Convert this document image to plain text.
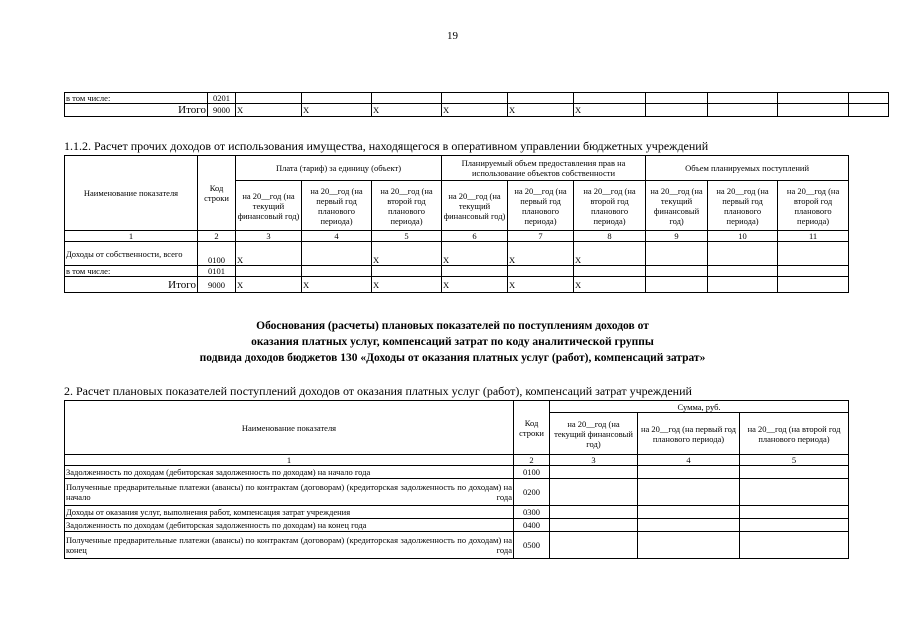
19
в том числе:	0201										
Итого	9000	X	X	X	X	X	X				
1.1.2. Расчет прочих доходов от использования имущества, находящегося в оперативном управлении бюджетных учреждений
Наименование показателя	Код строки	Плата (тариф) за единицу (объект)			Планируемый объем предоставления прав на использование объектов собственности			Объем планируемых поступлений		
		на 20__год (на текущий финансовый год)	на 20__год (на первый год планового периода)	на 20__год (на второй год планового периода)	на 20__год (на текущий финансовый год)	на 20__год (на первый год планового периода)	на 20__год (на второй год планового периода)	на 20__год (на текущий финансовый год)	на 20__год (на первый год планового периода)	на 20__год (на второй год планового периода)
1	2	3	4	5	6	7	8	9	10	11
Доходы от собственности, всего	0100	X		X	X	X	X			
в том числе:	0101									
Итого	9000	X	X	X	X	X	X			
Обоснования (расчеты) плановых показателей по поступлениям доходов от
оказания платных услуг, компенсаций затрат по коду аналитической группы
подвида доходов бюджетов 130 «Доходы от оказания платных услуг (работ), компенсаций затрат»
2. Расчет плановых показателей поступлений доходов от оказания платных услуг (работ), компенсаций затрат учреждений
Наименование показателя	Код строки	Сумма, руб.		
		на 20__год (на текущий финансовый год)	на 20__год (на первый год планового периода)	на 20__год (на второй год планового периода)
1	2	3	4	5
Задолженность по доходам (дебиторская задолженность по доходам) на начало года	0100			
Полученные предварительные платежи (авансы) по контрактам (договорам) (кредиторская задолженность по доходам) на начало года	0200			
Доходы от оказания услуг, выполнения работ, компенсация затрат учреждения	0300			
Задолженность по доходам (дебиторская задолженность по доходам) на конец года	0400			
Полученные предварительные платежи (авансы) по контрактам (договорам) (кредиторская задолженность по доходам) на конец года	0500			
